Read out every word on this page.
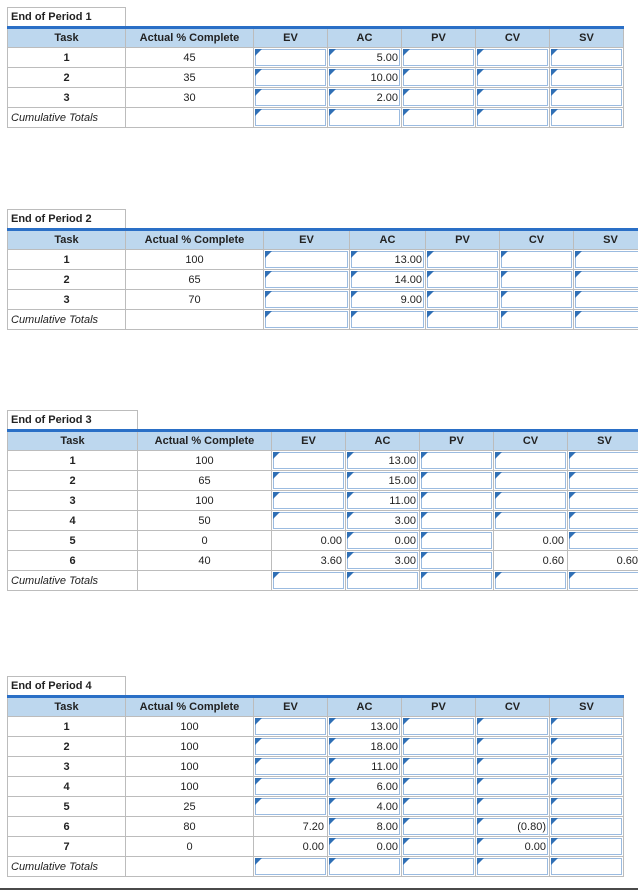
End of Period 1						
Task	Actual % Complete	EV	AC	PV	CV	SV
1	45		5.00	

2	35		10.00	

3	30		2.00	

Cumulative Totals		

End of Period 2						
Task	Actual % Complete	EV	AC	PV	CV	SV
1	100		13.00	

2	65		14.00	

3	70		9.00	

Cumulative Totals		

End of Period 3						
Task	Actual % Complete	EV	AC	PV	CV	SV
1	100		13.00	

2	65		15.00	

3	100		11.00	

4	50		3.00	

5	0	0.00	0.00		0.00	

6	40	3.60	3.00		0.60	0.60
Cumulative Totals		

End of Period 4						
Task	Actual % Complete	EV	AC	PV	CV	SV
1	100		13.00	

2	100		18.00	

3	100		11.00	

4	100		6.00	

5	25		4.00	

6	80	7.20	8.00		(0.80)	

7	0	0.00	0.00		0.00	

Cumulative Totals		
